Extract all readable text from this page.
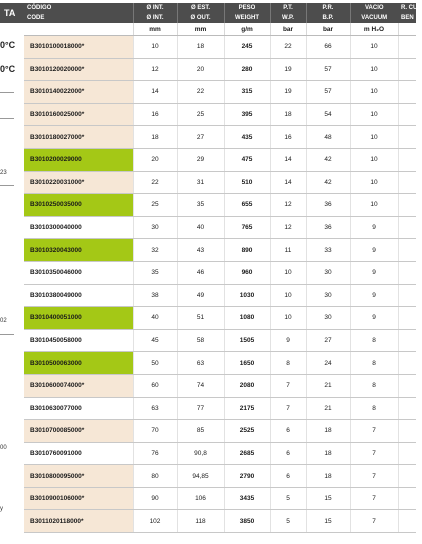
TA
0°C
0°C
23
02
00
y
CÓDIGO	Ø INT.	Ø EST.	PESO	P.T.	P.R.	VACIO	R. CUR
CODE	Ø INT.	Ø OUT.	WEIGHT	W.P.	B.P.	VACUUM	BEN
	mm	mm	g/m	bar	bar	m H₂O	
B3010100018000*	10	18	245	22	66	10	
B3010120020000*	12	20	280	19	57	10	
B3010140022000*	14	22	315	19	57	10	
B3010160025000*	16	25	395	18	54	10	
B3010180027000*	18	27	435	16	48	10	
B3010200029000	20	29	475	14	42	10	
B3010220031000*	22	31	510	14	42	10	
B3010250035000	25	35	655	12	36	10	
B3010300040000	30	40	765	12	36	9	
B3010320043000	32	43	890	11	33	9	
B3010350046000	35	46	960	10	30	9	
B3010380049000	38	49	1030	10	30	9	
B3010400051000	40	51	1080	10	30	9	
B3010450058000	45	58	1505	9	27	8	
B3010500063000	50	63	1650	8	24	8	
B3010600074000*	60	74	2080	7	21	8	
B3010630077000	63	77	2175	7	21	8	
B3010700085000*	70	85	2525	6	18	7	
B3010760091000	76	90,8	2685	6	18	7	
B3010800095000*	80	94,85	2790	6	18	7	
B3010900106000*	90	106	3435	5	15	7	
B3011020118000*	102	118	3850	5	15	7	
